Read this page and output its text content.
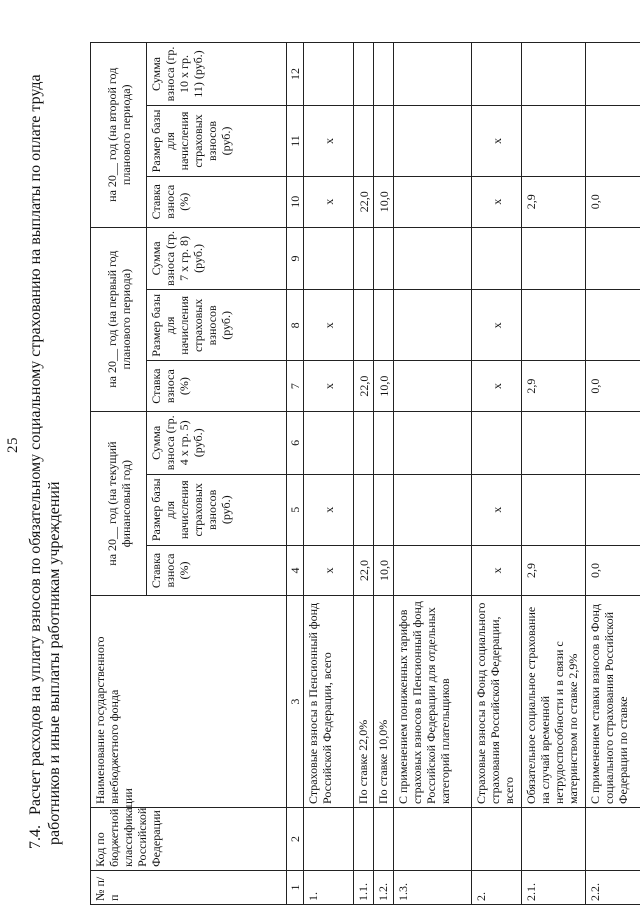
25
7.4.Расчет расходов на уплату взносов по обязательному социальному страхованию на выплаты по оплате труда работников и иные выплаты работникам учреждений
№ п/п	Код по бюджетной классификации Российской Федерации	Наименование государственного внебюджетного фонда	на 20__ год (на текущий финансовый год)			на 20__ год (на первый год планового периода)			на 20__ год (на второй год планового периода)		
			Ставка взноса (%)	Размер базы для начисления страховых взносов (руб.)	Сумма взноса (гр. 4 х гр. 5) (руб.)	Ставка взноса (%)	Размер базы для начисления страховых взносов (руб.)	Сумма взноса (гр. 7 х гр. 8) (руб.)	Ставка взноса (%)	Размер базы для начисления страховых взносов (руб.)	Сумма взноса (гр. 10 х гр. 11) (руб.)
1	2	3	4	5	6	7	8	9	10	11	12
1.		Страховые взносы в Пенсионный фонд Российской Федерации, всего	х	х		х	х		х	х	
1.1.		По ставке 22,0%	22,0			22,0			22,0		
1.2.		По ставке 10,0%	10,0			10,0			10,0		
1.3.		С применением пониженных тарифов страховых взносов в Пенсионный фонд Российской Федерации для отдельных категорий плательщиков									
2.		Страховые взносы в Фонд социального страхования Российской Федерации, всего	х	х		х	х		х	х	
2.1.		Обязательное социальное страхование на случай временной нетрудоспособности и в связи с материнством по ставке 2,9%	2,9			2,9			2,9		
2.2.		С применением ставки взносов в Фонд социального страхования Российской Федерации по ставке	0,0			0,0			0,0		
